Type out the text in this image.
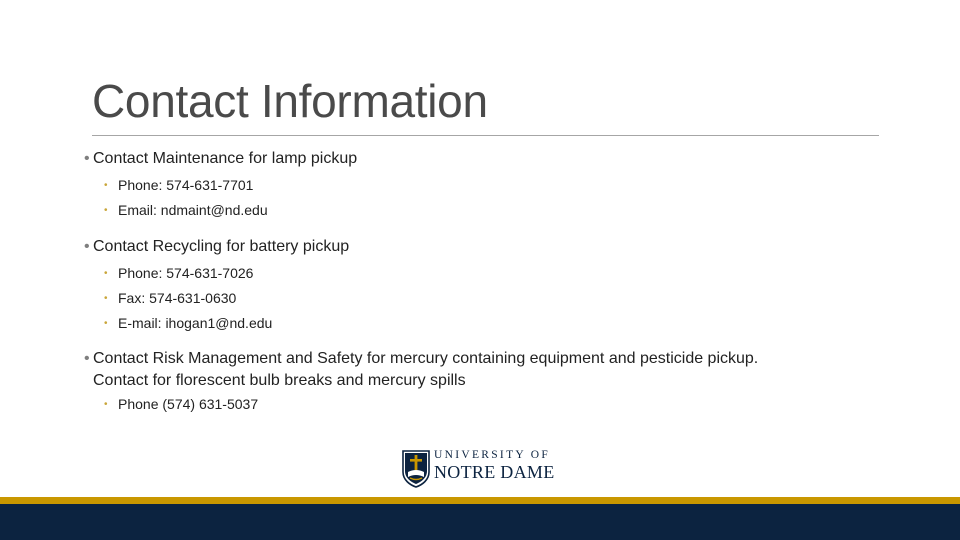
Contact Information
• Contact Maintenance for lamp pickup
• Phone: 574-631-7701
• Email: ndmaint@nd.edu
• Contact Recycling for battery pickup
• Phone: 574-631-7026
• Fax: 574-631-0630
• E-mail: ihogan1@nd.edu
• Contact Risk Management and Safety for mercury containing equipment and pesticide pickup.
Contact for florescent bulb breaks and mercury spills
• Phone (574) 631-5037
UNIVERSITY OF
NOTRE DAME
